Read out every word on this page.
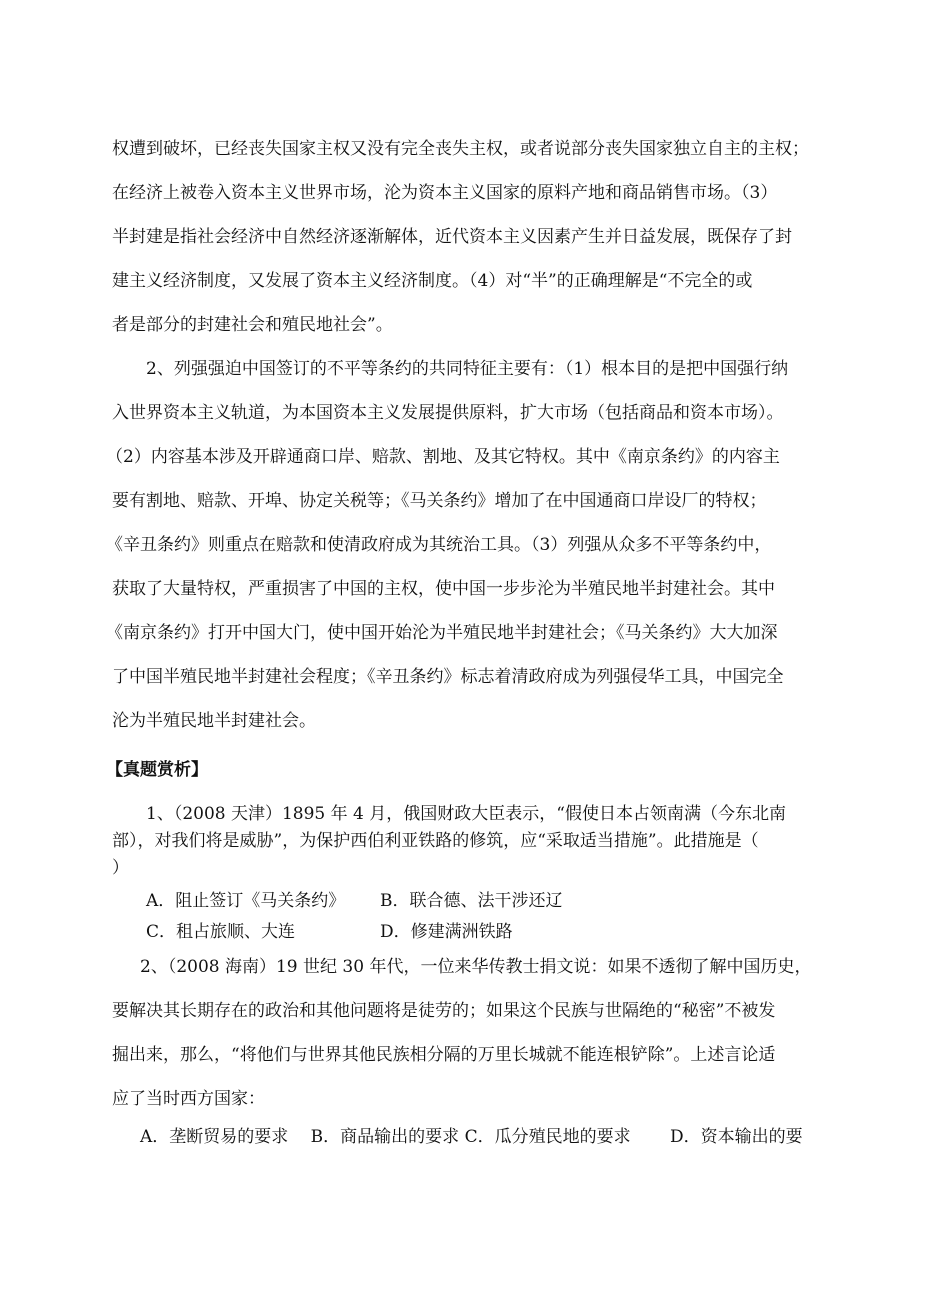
权遭到破坏，已经丧失国家主权又没有完全丧失主权，或者说部分丧失国家独立自主的主权；
在经济上被卷入资本主义世界市场，沦为资本主义国家的原料产地和商品销售市场。（3）
半封建是指社会经济中自然经济逐渐解体，近代资本主义因素产生并日益发展，既保存了封
建主义经济制度，又发展了资本主义经济制度。（4）对“半”的正确理解是“不完全的或
者是部分的封建社会和殖民地社会”。
2、列强强迫中国签订的不平等条约的共同特征主要有：（1）根本目的是把中国强行纳
入世界资本主义轨道，为本国资本主义发展提供原料，扩大市场（包括商品和资本市场）。
（2）内容基本涉及开辟通商口岸、赔款、割地、及其它特权。其中《南京条约》的内容主
要有割地、赔款、开埠、协定关税等；《马关条约》增加了在中国通商口岸设厂的特权；
《辛丑条约》则重点在赔款和使清政府成为其统治工具。（3）列强从众多不平等条约中，
获取了大量特权，严重损害了中国的主权，使中国一步步沦为半殖民地半封建社会。其中
《南京条约》打开中国大门，使中国开始沦为半殖民地半封建社会；《马关条约》大大加深
了中国半殖民地半封建社会程度；《辛丑条约》标志着清政府成为列强侵华工具，中国完全
沦为半殖民地半封建社会。
【真题赏析】
1、（2008 天津）1895 年 4 月，俄国财政大臣表示，“假使日本占领南满（今东北南
部），对我们将是威胁”，为保护西伯利亚铁路的修筑，应“采取适当措施”。此措施是（
）
A．阻止签订《马关条约》 B．联合德、法干涉还辽
C．租占旅顺、大连	D．修建满洲铁路
2、（2008 海南）19 世纪 30 年代，一位来华传教士捐文说：如果不透彻了解中国历史，
要解决其长期存在的政治和其他问题将是徒劳的；如果这个民族与世隔绝的“秘密”不被发
掘出来，那么，“将他们与世界其他民族相分隔的万里长城就不能连根铲除”。上述言论适
应了当时西方国家：
A．垄断贸易的要求　 B．商品输出的要求 C．瓜分殖民地的要求　　 D．资本输出的要
